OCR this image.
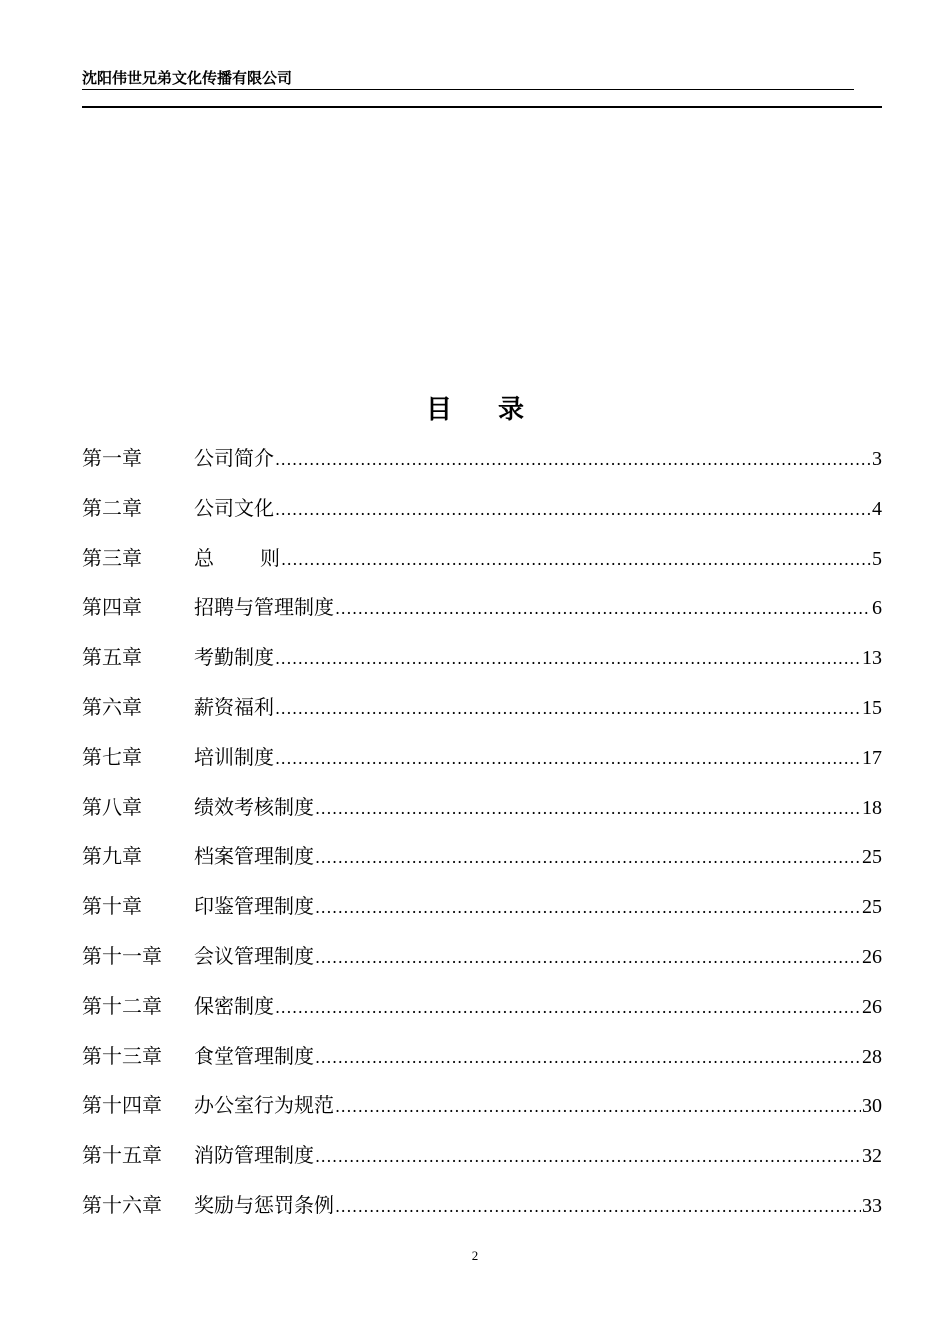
沈阳伟世兄弟文化传播有限公司
目 录
第一章	公司简介 .....	3
第二章	公司文化 .....	4
第三章	总 则 .....	5
第四章	招聘与管理制度 .....	6
第五章	考勤制度 .....	13
第六章	薪资福利 .....	15
第七章	培训制度 .....	17
第八章	绩效考核制度 .....	18
第九章	档案管理制度 .....	25
第十章	印鉴管理制度 .....	25
第十一章	会议管理制度 .....	26
第十二章	保密制度 .....	26
第十三章	食堂管理制度 .....	28
第十四章	办公室行为规范 .....	30
第十五章	消防管理制度 .....	32
第十六章	奖励与惩罚条例 .....	33
2
